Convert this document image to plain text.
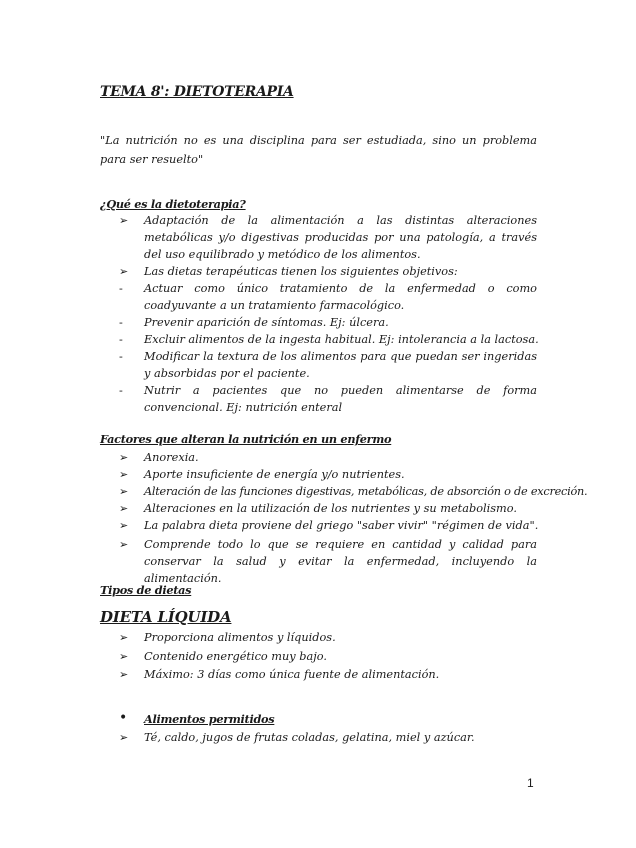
TEMA 8': DIETOTERAPIA
"La nutrición no es una disciplina para ser estudiada, sino un problema para ser resuelto"
¿Qué es la dietoterapia?
➢	Adaptación de la alimentación a las distintas alteraciones metabólicas y/o digestivas producidas por una patología, a través del uso equilibrado y metódico de los alimentos.
➢	Las dietas terapéuticas tienen los siguientes objetivos:
-	Actuar como único tratamiento de la enfermedad o como coadyuvante a un tratamiento farmacológico.
-	Prevenir aparición de síntomas. Ej: úlcera.
-	Excluir alimentos de la ingesta habitual. Ej: intolerancia a la lactosa.
-	Modificar la textura de los alimentos para que puedan ser ingeridas y absorbidas por el paciente.
-	Nutrir a pacientes que no pueden alimentarse de forma convencional. Ej: nutrición enteral
Factores que alteran la nutrición en un enfermo
➢	Anorexia.
➢	Aporte insuficiente de energía y/o nutrientes.
➢	Alteración de las funciones digestivas, metabólicas, de absorción o de excreción.
➢	Alteraciones en la utilización de los nutrientes y su metabolismo.
➢	La palabra dieta proviene del griego "saber vivir" "régimen de vida".
➢	Comprende todo lo que se requiere en cantidad y calidad para conservar la salud y evitar la enfermedad, incluyendo la alimentación.
Tipos de dietas
DIETA LÍQUIDA
➢	Proporciona alimentos y líquidos.
➢	Contenido energético muy bajo.
➢	Máximo: 3 días como única fuente de alimentación.
•	Alimentos permitidos
➢	Té, caldo, jugos de frutas coladas, gelatina, miel y azúcar.
1
